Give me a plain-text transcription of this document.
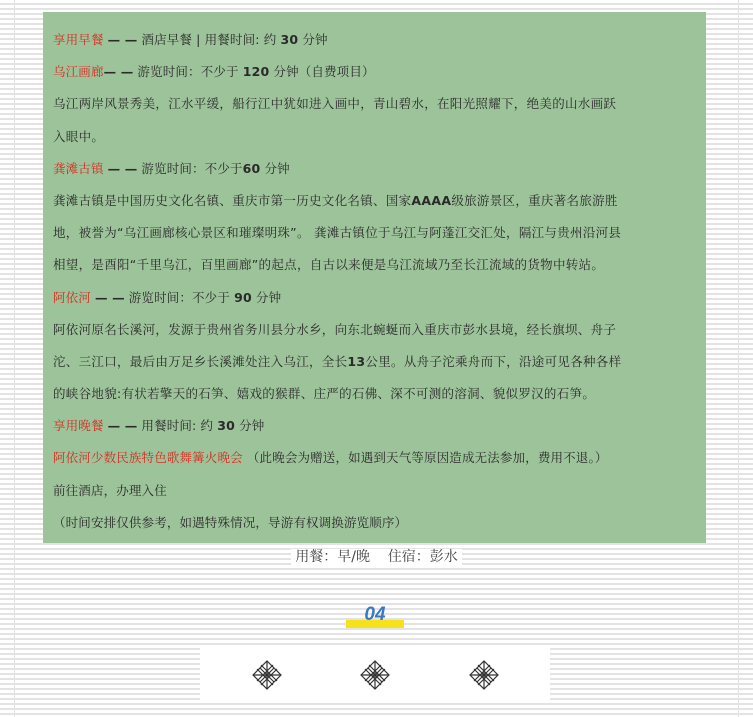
享用早餐 — — 酒店早餐 | 用餐时间: 约 30 分钟
乌江画廊— — 游览时间：不少于 120 分钟（自费项目）
乌江两岸风景秀美，江水平缓，船行江中犹如进入画中，青山碧水，在阳光照耀下，绝美的山水画跃
入眼中。
龚滩古镇 — — 游览时间：不少于60 分钟
龚滩古镇是中国历史文化名镇、重庆市第一历史文化名镇、国家AAAA级旅游景区，重庆著名旅游胜
地，被誉为“乌江画廊核心景区和璀璨明珠”。 龚滩古镇位于乌江与阿蓬江交汇处，隔江与贵州沿河县
相望，是酉阳“千里乌江，百里画廊”的起点，自古以来便是乌江流域乃至长江流域的货物中转站。
阿依河 — — 游览时间：不少于 90 分钟
阿依河原名长溪河，发源于贵州省务川县分水乡，向东北蜿蜒而入重庆市彭水县境，经长旗坝、舟子
沱、三江口，最后由万足乡长溪滩处注入乌江，全长13公里。从舟子沱乘舟而下，沿途可见各种各样
的峡谷地貌:有状若擎天的石笋、嬉戏的猴群、庄严的石佛、深不可测的溶洞、貌似罗汉的石笋。
享用晚餐 — — 用餐时间: 约 30 分钟
阿依河少数民族特色歌舞篝火晚会 （此晚会为赠送，如遇到天气等原因造成无法参加，费用不退。）
前往酒店，办理入住
（时间安排仅供参考，如遇特殊情况，导游有权调换游览顺序）
用餐：早/晚    住宿：彭水
04
